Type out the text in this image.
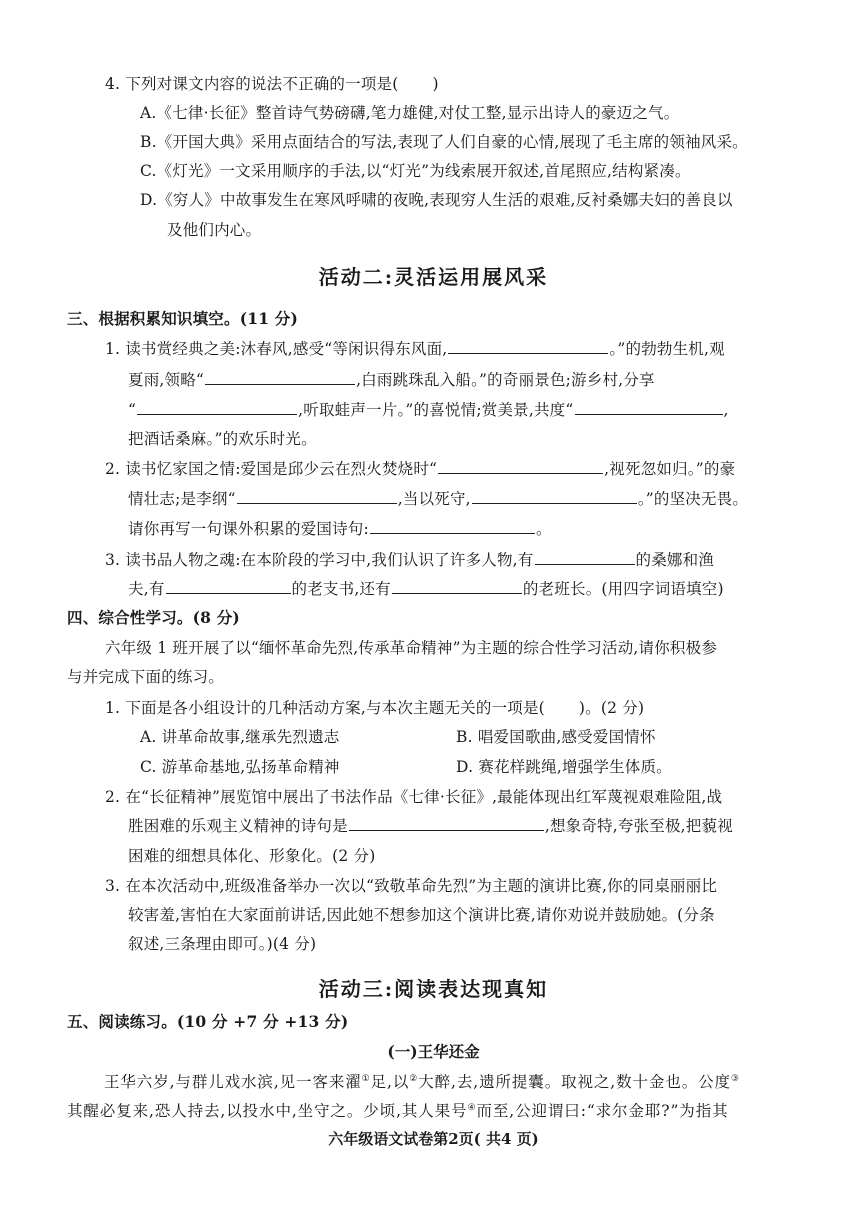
4. 下列对课文内容的说法不正确的一项是( )
A.《七律·长征》整首诗气势磅礴,笔力雄健,对仗工整,显示出诗人的豪迈之气。
B.《开国大典》采用点面结合的写法,表现了人们自豪的心情,展现了毛主席的领袖风采。
C.《灯光》一文采用顺序的手法,以“灯光”为线索展开叙述,首尾照应,结构紧凑。
D.《穷人》中故事发生在寒风呼啸的夜晚,表现穷人生活的艰难,反衬桑娜夫妇的善良以
及他们内心。
活动二:灵活运用展风采
三、根据积累知识填空。(11 分)
1. 读书赏经典之美:沐春风,感受“等闲识得东风面,	。”的勃勃生机,观
夏雨,领略“	,白雨跳珠乱入船。”的奇丽景色;游乡村,分享
“	,听取蛙声一片。”的喜悦情;赏美景,共度“	,
把酒话桑麻。”的欢乐时光。
2. 读书忆家国之情:爱国是邱少云在烈火焚烧时“	,视死忽如归。”的豪
情壮志;是李纲“	,当以死守,	。”的坚决无畏。
请你再写一句课外积累的爱国诗句:	。
3. 读书品人物之魂:在本阶段的学习中,我们认识了许多人物,有	的桑娜和渔
夫,有	的老支书,还有	的老班长。(用四字词语填空)
四、综合性学习。(8 分)
六年级 1 班开展了以“缅怀革命先烈,传承革命精神”为主题的综合性学习活动,请你积极参
与并完成下面的练习。
1. 下面是各小组设计的几种活动方案,与本次主题无关的一项是( )。(2 分)
A. 讲革命故事,继承先烈遗志	B. 唱爱国歌曲,感受爱国情怀
C. 游革命基地,弘扬革命精神	D. 赛花样跳绳,增强学生体质。
2. 在“长征精神”展览馆中展出了书法作品《七律·长征》,最能体现出红军蔑视艰难险阻,战
胜困难的乐观主义精神的诗句是	,想象奇特,夸张至极,把藐视
困难的细想具体化、形象化。(2 分)
3. 在本次活动中,班级准备举办一次以“致敬革命先烈”为主题的演讲比赛,你的同桌丽丽比
较害羞,害怕在大家面前讲话,因此她不想参加这个演讲比赛,请你劝说并鼓励她。(分条
叙述,三条理由即可。)(4 分)
活动三:阅读表达现真知
五、阅读练习。(10 分 +7 分 +13 分)
(一)王华还金
王华六岁,与群儿戏水滨,见一客来濯①足,以②大醉,去,遗所提囊。取视之,数十金也。公度③
其醒必复来,恐人持去,以投水中,坐守之。少顷,其人果号④而至,公迎谓曰:“求尔金耶?”为指其
六年级语文试卷第2页( 共4 页)
